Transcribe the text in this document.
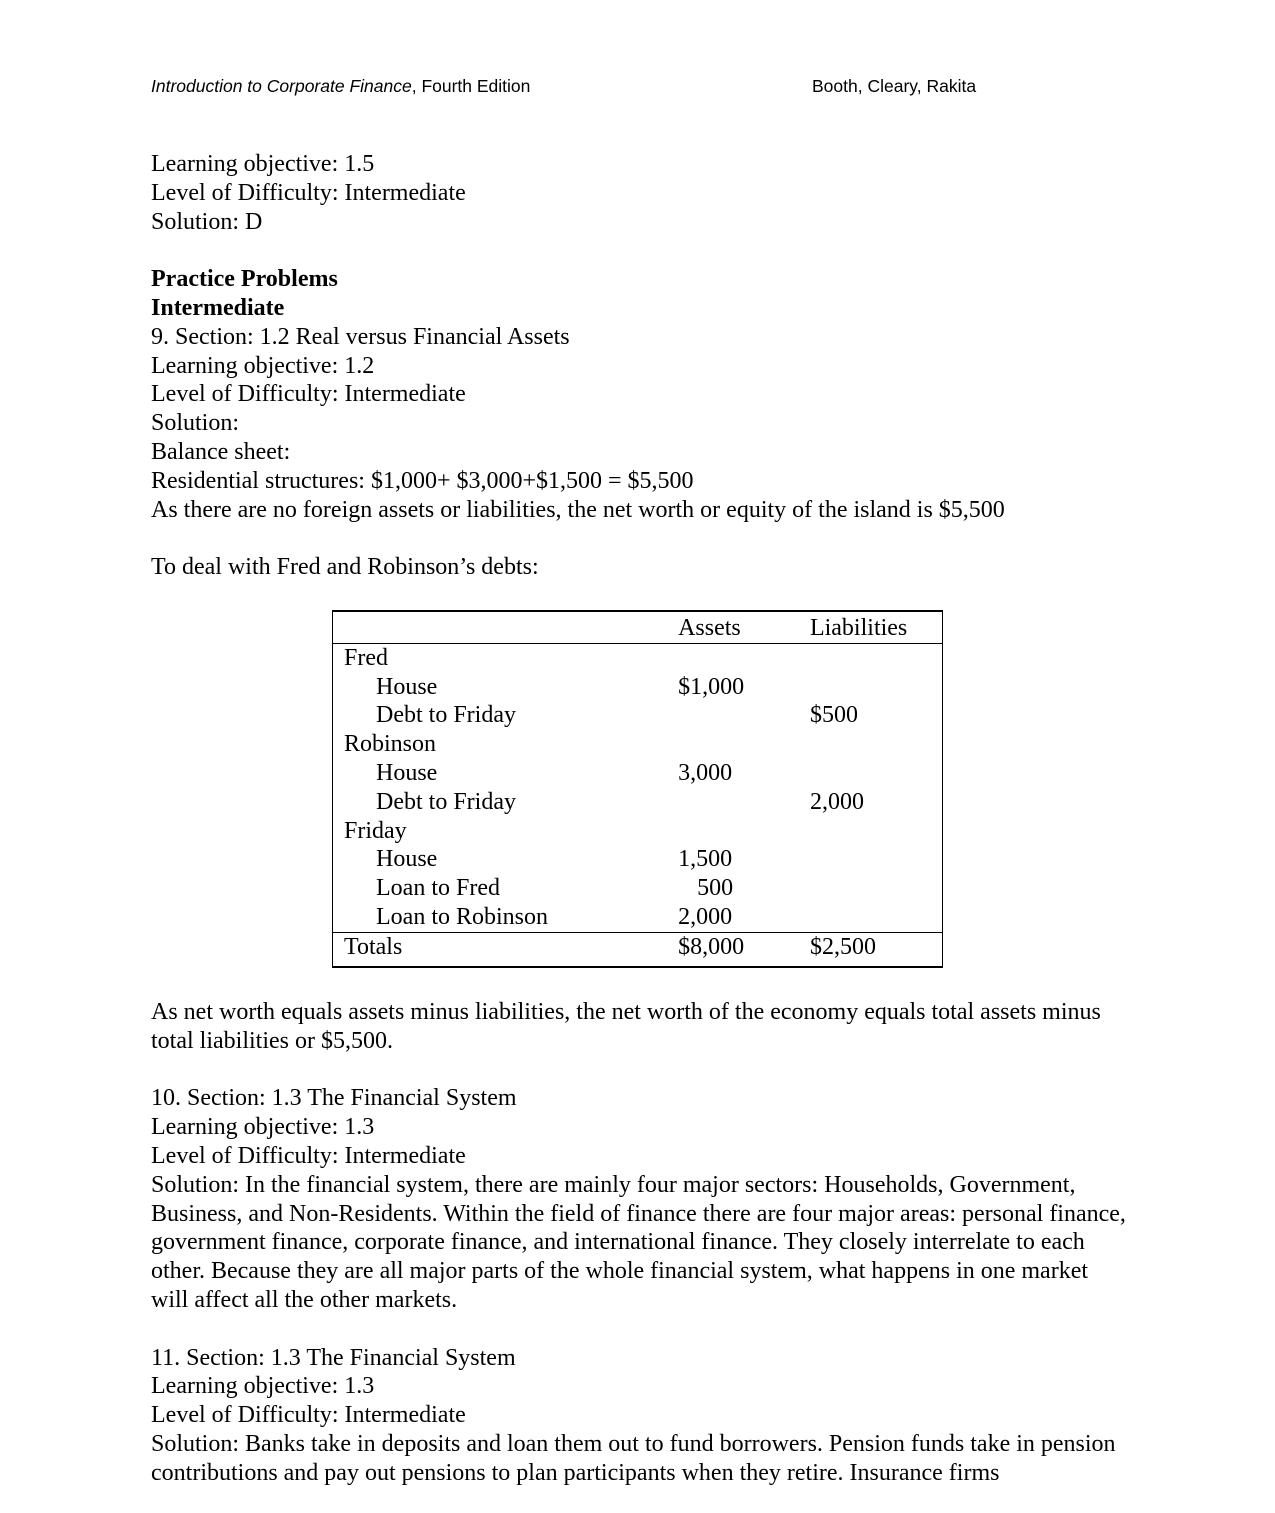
Introduction to Corporate Finance, Fourth Edition	Booth, Cleary, Rakita

Learning objective: 1.5

Level of Difficulty: Intermediate

Solution: D

Practice Problems

Intermediate

9. Section: 1.2 Real versus Financial Assets

Learning objective: 1.2

Level of Difficulty: Intermediate

Solution:

Balance sheet:

Residential structures: $1,000+ $3,000+$1,500 = $5,500

As there are no foreign assets or liabilities, the net worth or equity of the island is $5,500

To deal with Fred and Robinson’s debts:

	Assets	Liabilities
Fred		
House	$1,000	
Debt to Friday		$500
Robinson		
House	3,000	
Debt to Friday		2,000
Friday		
House	1,500	
Loan to Fred	500	
Loan to Robinson	2,000	
Totals	$8,000	$2,500

As net worth equals assets minus liabilities, the net worth of the economy equals total assets minus total liabilities or $5,500.

10. Section: 1.3 The Financial System

Learning objective: 1.3

Level of Difficulty: Intermediate

Solution: In the financial system, there are mainly four major sectors: Households, Government, Business, and Non-Residents. Within the field of finance there are four major areas: personal finance, government finance, corporate finance, and international finance. They closely interrelate to each other. Because they are all major parts of the whole financial system, what happens in one market will affect all the other markets.

11. Section: 1.3 The Financial System

Learning objective: 1.3

Level of Difficulty: Intermediate

Solution: Banks take in deposits and loan them out to fund borrowers. Pension funds take in pension contributions and pay out pensions to plan participants when they retire. Insurance firms
